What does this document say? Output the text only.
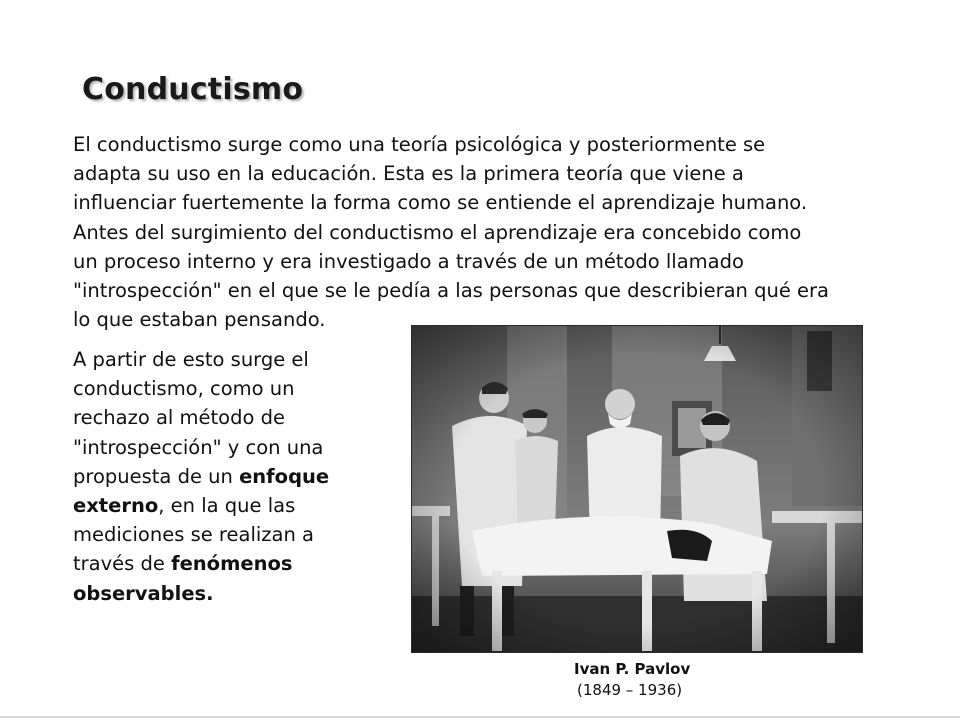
Conductismo

El conductismo surge como una teoría psicológica y posteriormente se
adapta su uso en la educación. Esta es la primera teoría que viene a
influenciar fuertemente la forma como se entiende el aprendizaje humano.
Antes del surgimiento del conductismo el aprendizaje era concebido como
un proceso interno y era investigado a través de un método llamado
"introspección" en el que se le pedía a las personas que describieran qué era
lo que estaban pensando.

A partir de esto surge el
conductismo, como un
rechazo al método de
"introspección" y con una
propuesta de un enfoque
externo, en la que las
mediciones se realizan a
través de fenómenos
observables.

Ivan P. Pavlov
(1849 – 1936)
